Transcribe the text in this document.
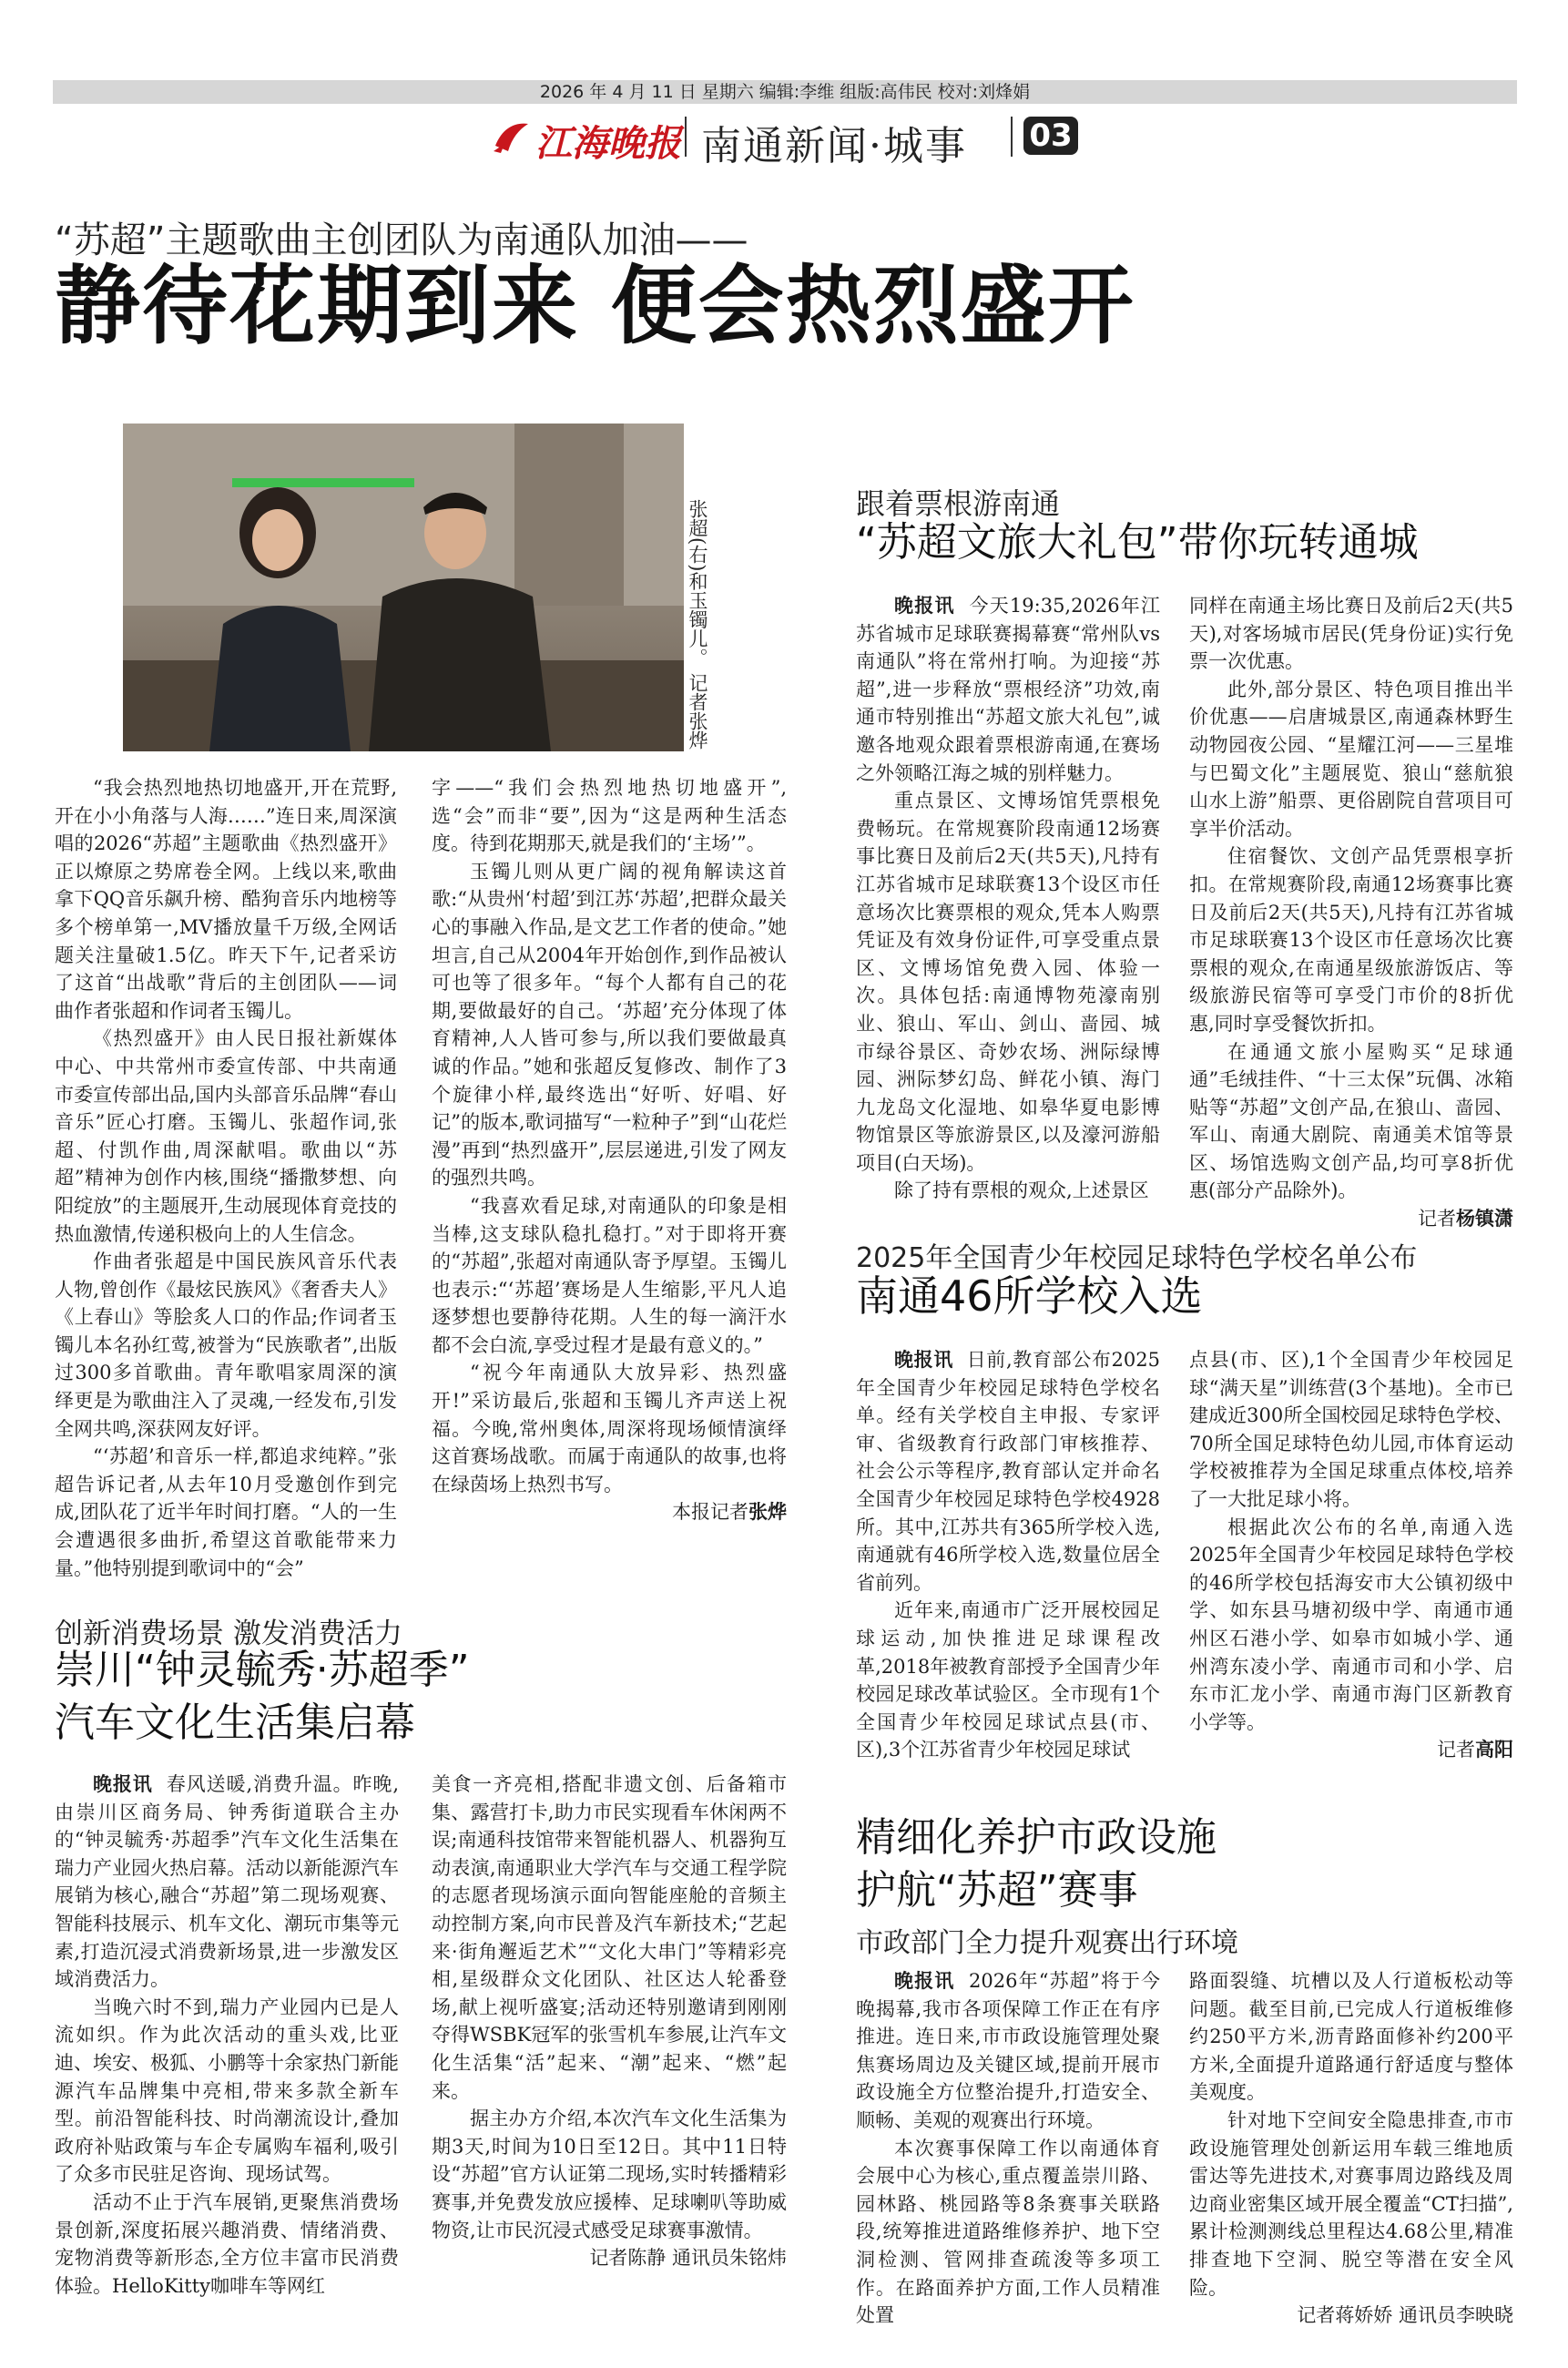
2026 年 4 月 11 日 星期六 编辑:李维 组版:高伟民 校对:刘烽娟
江海晚报 南通新闻·城事 03
“苏超”主题歌曲主创团队为南通队加油——
静待花期到来 便会热烈盛开
张超(右)和玉镯儿。 记者张烨

“我会热烈地热切地盛开,开在荒野,开在小小角落与人海……”连日来,周深演唱的2026“苏超”主题歌曲《热烈盛开》正以燎原之势席卷全网。上线以来,歌曲拿下QQ音乐飙升榜、酷狗音乐内地榜等多个榜单第一,MV播放量千万级,全网话题关注量破1.5亿。昨天下午,记者采访了这首“出战歌”背后的主创团队——词曲作者张超和作词者玉镯儿。

《热烈盛开》由人民日报社新媒体中心、中共常州市委宣传部、中共南通市委宣传部出品,国内头部音乐品牌“春山音乐”匠心打磨。玉镯儿、张超作词,张超、付凯作曲,周深献唱。歌曲以“苏超”精神为创作内核,围绕“播撒梦想、向阳绽放”的主题展开,生动展现体育竞技的热血激情,传递积极向上的人生信念。

作曲者张超是中国民族风音乐代表人物,曾创作《最炫民族风》《奢香夫人》《上春山》等脍炙人口的作品;作词者玉镯儿本名孙红莺,被誉为“民族歌者”,出版过300多首歌曲。青年歌唱家周深的演绎更是为歌曲注入了灵魂,一经发布,引发全网共鸣,深获网友好评。

“‘苏超’和音乐一样,都追求纯粹。”张超告诉记者,从去年10月受邀创作到完成,团队花了近半年时间打磨。“人的一生会遭遇很多曲折,希望这首歌能带来力量。”他特别提到歌词中的“会”

字——“我们会热烈地热切地盛开”,选“会”而非“要”,因为“这是两种生活态度。待到花期那天,就是我们的‘主场’”。

玉镯儿则从更广阔的视角解读这首歌:“从贵州‘村超’到江苏‘苏超’,把群众最关心的事融入作品,是文艺工作者的使命。”她坦言,自己从2004年开始创作,到作品被认可也等了很多年。“每个人都有自己的花期,要做最好的自己。‘苏超’充分体现了体育精神,人人皆可参与,所以我们要做最真诚的作品。”她和张超反复修改、制作了3个旋律小样,最终选出“好听、好唱、好记”的版本,歌词描写“一粒种子”到“山花烂漫”再到“热烈盛开”,层层递进,引发了网友的强烈共鸣。

“我喜欢看足球,对南通队的印象是相当棒,这支球队稳扎稳打。”对于即将开赛的“苏超”,张超对南通队寄予厚望。玉镯儿也表示:“‘苏超’赛场是人生缩影,平凡人追逐梦想也要静待花期。人生的每一滴汗水都不会白流,享受过程才是最有意义的。”

“祝今年南通队大放异彩、热烈盛开!”采访最后,张超和玉镯儿齐声送上祝福。今晚,常州奥体,周深将现场倾情演绎这首赛场战歌。而属于南通队的故事,也将在绿茵场上热烈书写。

本报记者张烨
跟着票根游南通
“苏超文旅大礼包”带你玩转通城

晚报讯 今天19:35,2026年江苏省城市足球联赛揭幕赛“常州队vs南通队”将在常州打响。为迎接“苏超”,进一步释放“票根经济”功效,南通市特别推出“苏超文旅大礼包”,诚邀各地观众跟着票根游南通,在赛场之外领略江海之城的别样魅力。

重点景区、文博场馆凭票根免费畅玩。在常规赛阶段南通12场赛事比赛日及前后2天(共5天),凡持有江苏省城市足球联赛13个设区市任意场次比赛票根的观众,凭本人购票凭证及有效身份证件,可享受重点景区、文博场馆免费入园、体验一次。具体包括:南通博物苑濠南别业、狼山、军山、剑山、啬园、城市绿谷景区、奇妙农场、洲际绿博园、洲际梦幻岛、鲜花小镇、海门九龙岛文化湿地、如皋华夏电影博物馆景区等旅游景区,以及濠河游船项目(白天场)。

除了持有票根的观众,上述景区

同样在南通主场比赛日及前后2天(共5天),对客场城市居民(凭身份证)实行免票一次优惠。

此外,部分景区、特色项目推出半价优惠——启唐城景区,南通森林野生动物园夜公园、“星耀江河——三星堆与巴蜀文化”主题展览、狼山“慈航狼山水上游”船票、更俗剧院自营项目可享半价活动。

住宿餐饮、文创产品凭票根享折扣。在常规赛阶段,南通12场赛事比赛日及前后2天(共5天),凡持有江苏省城市足球联赛13个设区市任意场次比赛票根的观众,在南通星级旅游饭店、等级旅游民宿等可享受门市价的8折优惠,同时享受餐饮折扣。

在通通文旅小屋购买“足球通通”毛绒挂件、“十三太保”玩偶、冰箱贴等“苏超”文创产品,在狼山、啬园、军山、南通大剧院、南通美术馆等景区、场馆选购文创产品,均可享8折优惠(部分产品除外)。

记者杨镇潇
2025年全国青少年校园足球特色学校名单公布
南通46所学校入选

晚报讯 日前,教育部公布2025年全国青少年校园足球特色学校名单。经有关学校自主申报、专家评审、省级教育行政部门审核推荐、社会公示等程序,教育部认定并命名全国青少年校园足球特色学校4928所。其中,江苏共有365所学校入选,南通就有46所学校入选,数量位居全省前列。

近年来,南通市广泛开展校园足球运动,加快推进足球课程改革,2018年被教育部授予全国青少年校园足球改革试验区。全市现有1个全国青少年校园足球试点县(市、区),3个江苏省青少年校园足球试

点县(市、区),1个全国青少年校园足球“满天星”训练营(3个基地)。全市已建成近300所全国校园足球特色学校、70所全国足球特色幼儿园,市体育运动学校被推荐为全国足球重点体校,培养了一大批足球小将。

根据此次公布的名单,南通入选2025年全国青少年校园足球特色学校的46所学校包括海安市大公镇初级中学、如东县马塘初级中学、南通市通州区石港小学、如皋市如城小学、通州湾东凌小学、南通市司和小学、启东市汇龙小学、南通市海门区新教育小学等。

记者高阳
创新消费场景 激发消费活力
崇川“钟灵毓秀·苏超季”
汽车文化生活集启幕

晚报讯 春风送暖,消费升温。昨晚,由崇川区商务局、钟秀街道联合主办的“钟灵毓秀·苏超季”汽车文化生活集在瑞力产业园火热启幕。活动以新能源汽车展销为核心,融合“苏超”第二现场观赛、智能科技展示、机车文化、潮玩市集等元素,打造沉浸式消费新场景,进一步激发区域消费活力。

当晚六时不到,瑞力产业园内已是人流如织。作为此次活动的重头戏,比亚迪、埃安、极狐、小鹏等十余家热门新能源汽车品牌集中亮相,带来多款全新车型。前沿智能科技、时尚潮流设计,叠加政府补贴政策与车企专属购车福利,吸引了众多市民驻足咨询、现场试驾。

活动不止于汽车展销,更聚焦消费场景创新,深度拓展兴趣消费、情绪消费、宠物消费等新形态,全方位丰富市民消费体验。HelloKitty咖啡车等网红

美食一齐亮相,搭配非遗文创、后备箱市集、露营打卡,助力市民实现看车休闲两不误;南通科技馆带来智能机器人、机器狗互动表演,南通职业大学汽车与交通工程学院的志愿者现场演示面向智能座舱的音频主动控制方案,向市民普及汽车新技术;“艺起来·街角邂逅艺术”“文化大串门”等精彩亮相,星级群众文化团队、社区达人轮番登场,献上视听盛宴;活动还特别邀请到刚刚夺得WSBK冠军的张雪机车参展,让汽车文化生活集“活”起来、“潮”起来、“燃”起来。

据主办方介绍,本次汽车文化生活集为期3天,时间为10日至12日。其中11日特设“苏超”官方认证第二现场,实时转播精彩赛事,并免费发放应援棒、足球喇叭等助威物资,让市民沉浸式感受足球赛事激情。

记者陈静 通讯员朱铭炜
精细化养护市政设施
护航“苏超”赛事
市政部门全力提升观赛出行环境

晚报讯 2026年“苏超”将于今晚揭幕,我市各项保障工作正在有序推进。连日来,市市政设施管理处聚焦赛场周边及关键区域,提前开展市政设施全方位整治提升,打造安全、顺畅、美观的观赛出行环境。

本次赛事保障工作以南通体育会展中心为核心,重点覆盖崇川路、园林路、桃园路等8条赛事关联路段,统筹推进道路维修养护、地下空洞检测、管网排查疏浚等多项工作。在路面养护方面,工作人员精准处置

路面裂缝、坑槽以及人行道板松动等问题。截至目前,已完成人行道板维修约250平方米,沥青路面修补约200平方米,全面提升道路通行舒适度与整体美观度。

针对地下空间安全隐患排查,市市政设施管理处创新运用车载三维地质雷达等先进技术,对赛事周边路线及周边商业密集区域开展全覆盖“CT扫描”,累计检测测线总里程达4.68公里,精准排查地下空洞、脱空等潜在安全风险。

记者蒋娇娇 通讯员李映晓
